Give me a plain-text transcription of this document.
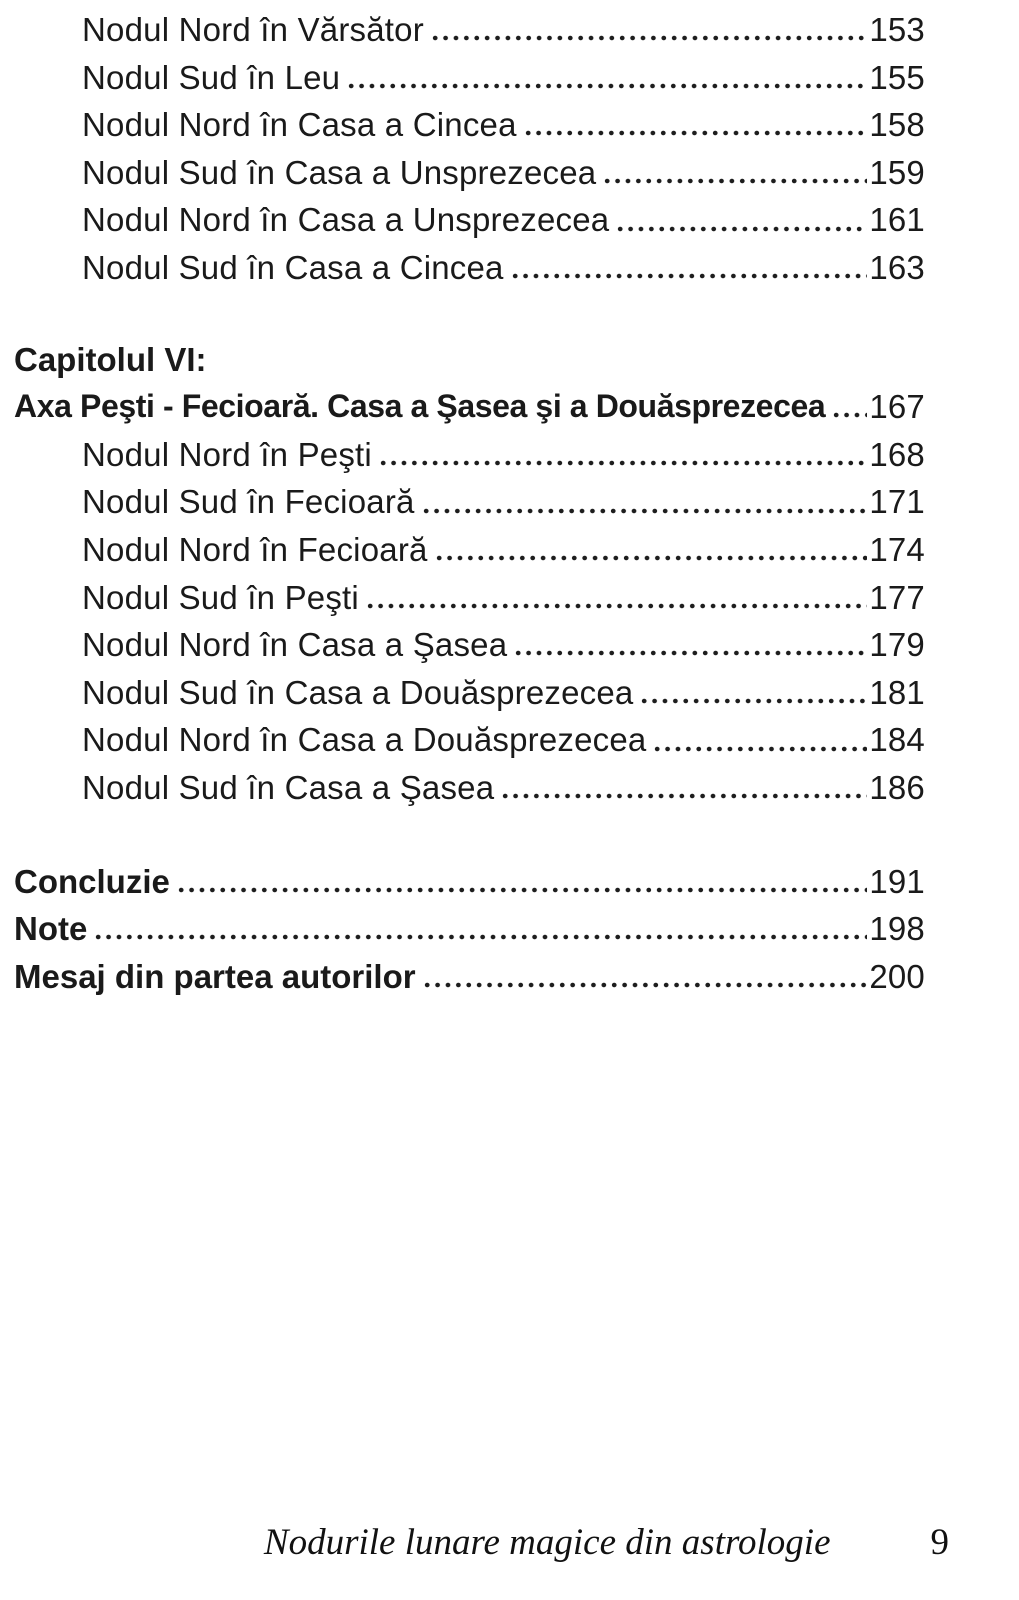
Nodul Nord în Vărsător	153
Nodul Sud în Leu	155
Nodul Nord în Casa a Cincea	158
Nodul Sud în Casa a Unsprezecea	159
Nodul Nord în Casa a Unsprezecea	161
Nodul Sud în Casa a Cincea	163
Capitolul VI:
Axa Peşti - Fecioară. Casa a Şasea şi a Douăsprezecea 167
Nodul Nord în Peşti	168
Nodul Sud în Fecioară	171
Nodul Nord în Fecioară	174
Nodul Sud în Peşti	177
Nodul Nord în Casa a Şasea	179
Nodul Sud în Casa a Douăsprezecea	181
Nodul Nord în Casa a Douăsprezecea	184
Nodul Sud în Casa a Şasea	186
Concluzie	191
Note	198
Mesaj din partea autorilor	200
Nodurile lunare magice din astrologie	9
